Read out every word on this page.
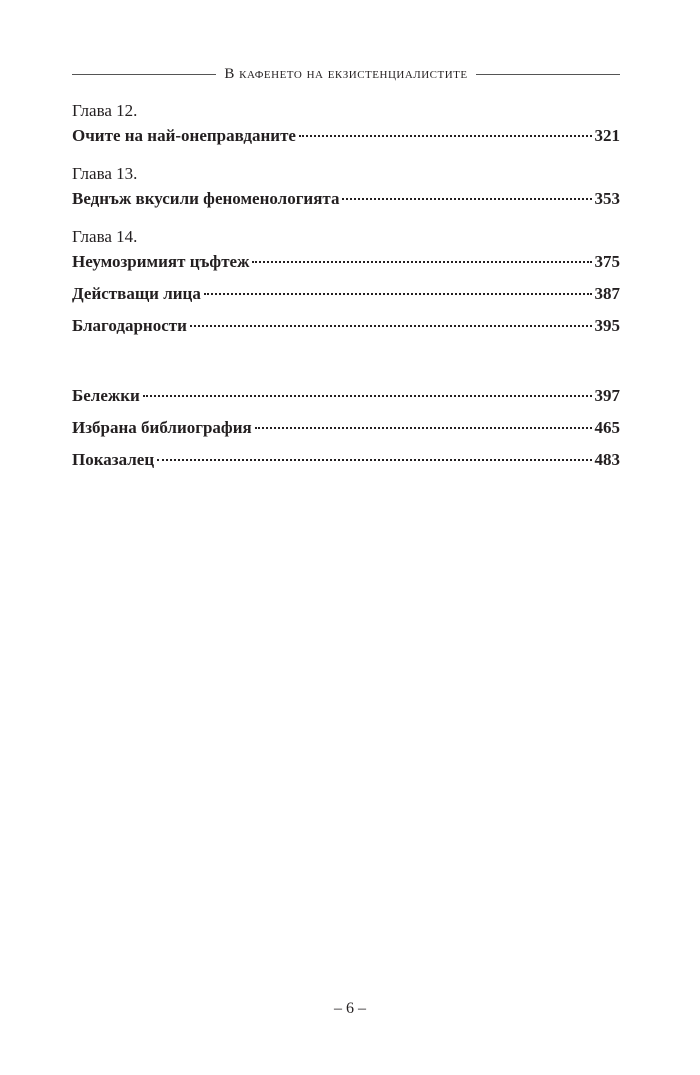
В кафенето на екзистенциалистите
Глава 12.
Очите на най-онеправданите	321
Глава 13.
Веднъж вкусили феноменологията	353
Глава 14.
Неумозримият цъфтеж	375
Действащи лица	387
Благодарности	395
Бележки	397
Избрана библиография	465
Показалец	483
– 6 –
